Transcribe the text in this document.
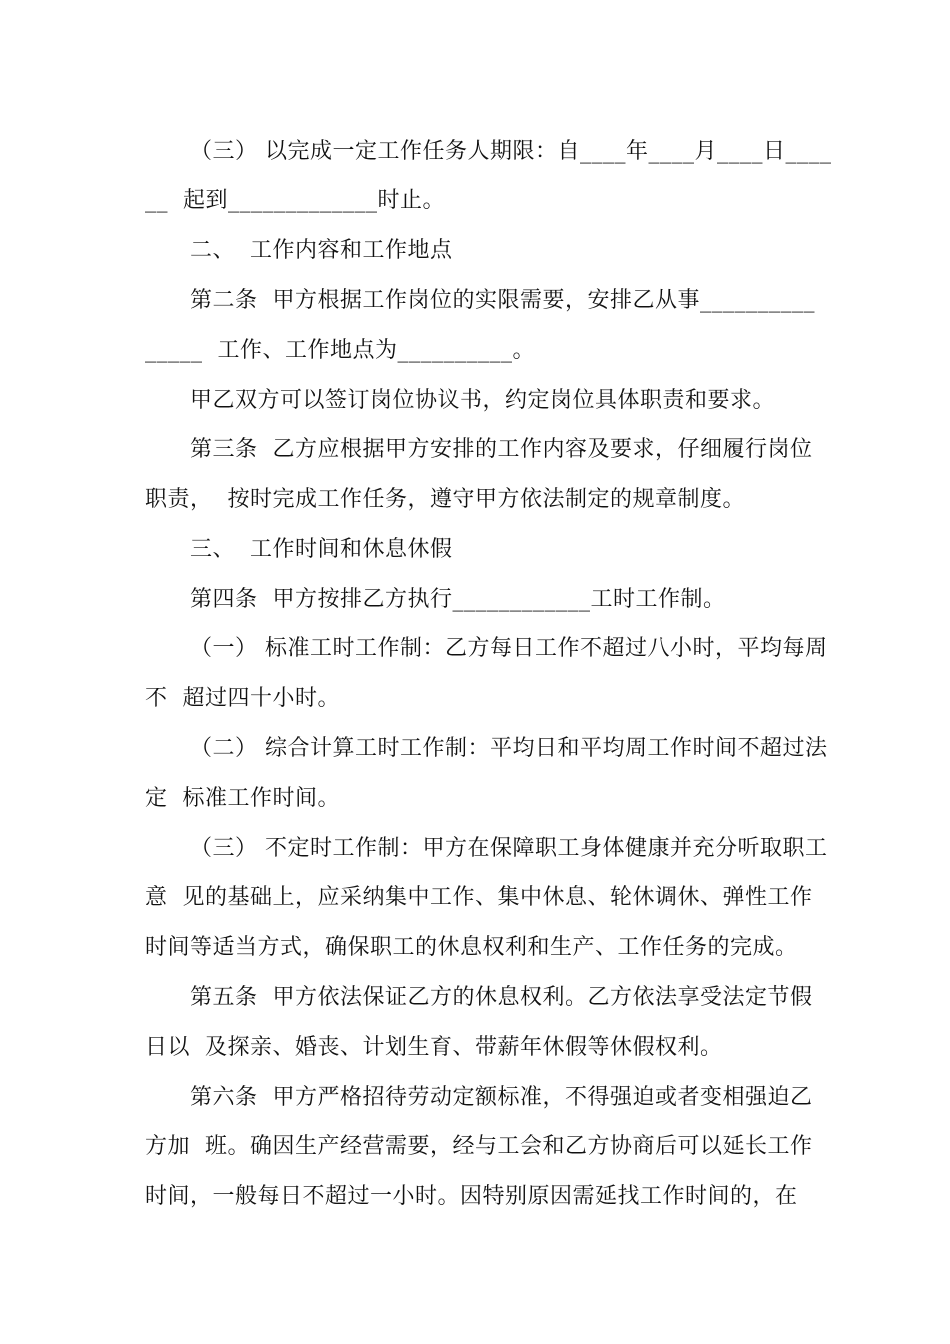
（三） 以完成一定工作任务人期限：自____年____月____日____
__  起到_____________时止。
二、  工作内容和工作地点
第二条  甲方根据工作岗位的实限需要，安排乙从事__________
_____  工作、工作地点为__________。
甲乙双方可以签订岗位协议书，约定岗位具体职责和要求。
第三条  乙方应根据甲方安排的工作内容及要求，仔细履行岗位
职责，  按时完成工作任务，遵守甲方依法制定的规章制度。
三、  工作时间和休息休假
第四条  甲方按排乙方执行____________工时工作制。
（一） 标准工时工作制：乙方每日工作不超过八小时，平均每周
不  超过四十小时。
（二） 综合计算工时工作制：平均日和平均周工作时间不超过法
定  标准工作时间。
（三） 不定时工作制：甲方在保障职工身体健康并充分听取职工
意  见的基础上，应采纳集中工作、集中休息、轮休调休、弹性工作
时间等适当方式，确保职工的休息权利和生产、工作任务的完成。
第五条  甲方依法保证乙方的休息权利。乙方依法享受法定节假
日以  及探亲、婚丧、计划生育、带薪年休假等休假权利。
第六条  甲方严格招待劳动定额标准，不得强迫或者变相强迫乙
方加  班。确因生产经营需要，经与工会和乙方协商后可以延长工作
时间，一般每日不超过一小时。因特别原因需延找工作时间的，在
